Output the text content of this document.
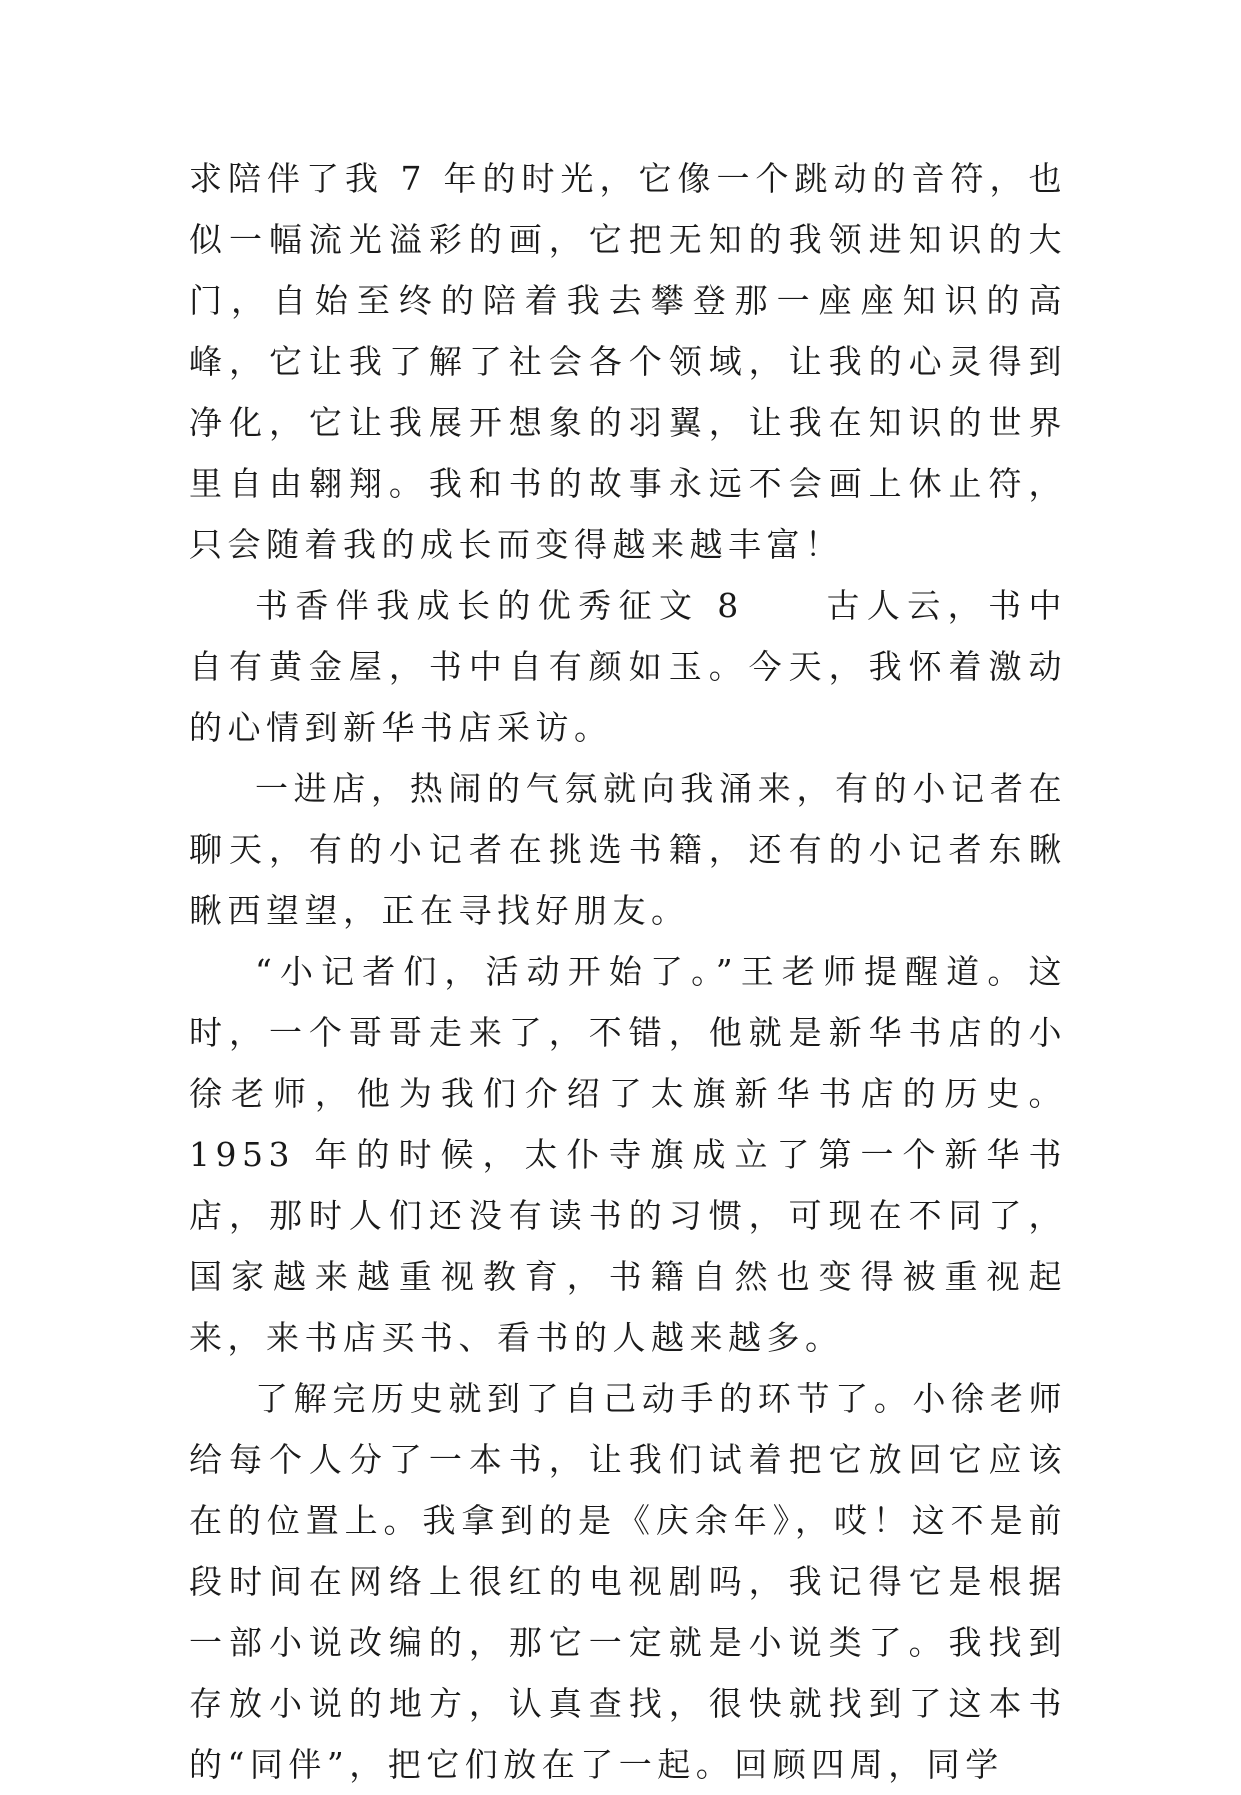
求陪伴了我 7 年的时光，它像一个跳动的音符，也似一幅流光溢彩的画，它把无知的我领进知识的大门，自始至终的陪着我去攀登那一座座知识的高峰，它让我了解了社会各个领域，让我的心灵得到净化，它让我展开想象的羽翼，让我在知识的世界里自由翱翔。我和书的故事永远不会画上休止符，只会随着我的成长而变得越来越丰富！

书香伴我成长的优秀征文 8　　古人云，书中自有黄金屋，书中自有颜如玉。今天，我怀着激动的心情到新华书店采访。

一进店，热闹的气氛就向我涌来，有的小记者在聊天，有的小记者在挑选书籍，还有的小记者东瞅瞅西望望，正在寻找好朋友。

“小记者们，活动开始了。”王老师提醒道。这时，一个哥哥走来了，不错，他就是新华书店的小徐老师，他为我们介绍了太旗新华书店的历史。1953 年的时候，太仆寺旗成立了第一个新华书店，那时人们还没有读书的习惯，可现在不同了，国家越来越重视教育，书籍自然也变得被重视起来，来书店买书、看书的人越来越多。

了解完历史就到了自己动手的环节了。小徐老师给每个人分了一本书，让我们试着把它放回它应该在的位置上。我拿到的是《庆余年》，哎！这不是前段时间在网络上很红的电视剧吗，我记得它是根据一部小说改编的，那它一定就是小说类了。我找到存放小说的地方，认真查找，很快就找到了这本书的“同伴”，把它们放在了一起。回顾四周，同学
